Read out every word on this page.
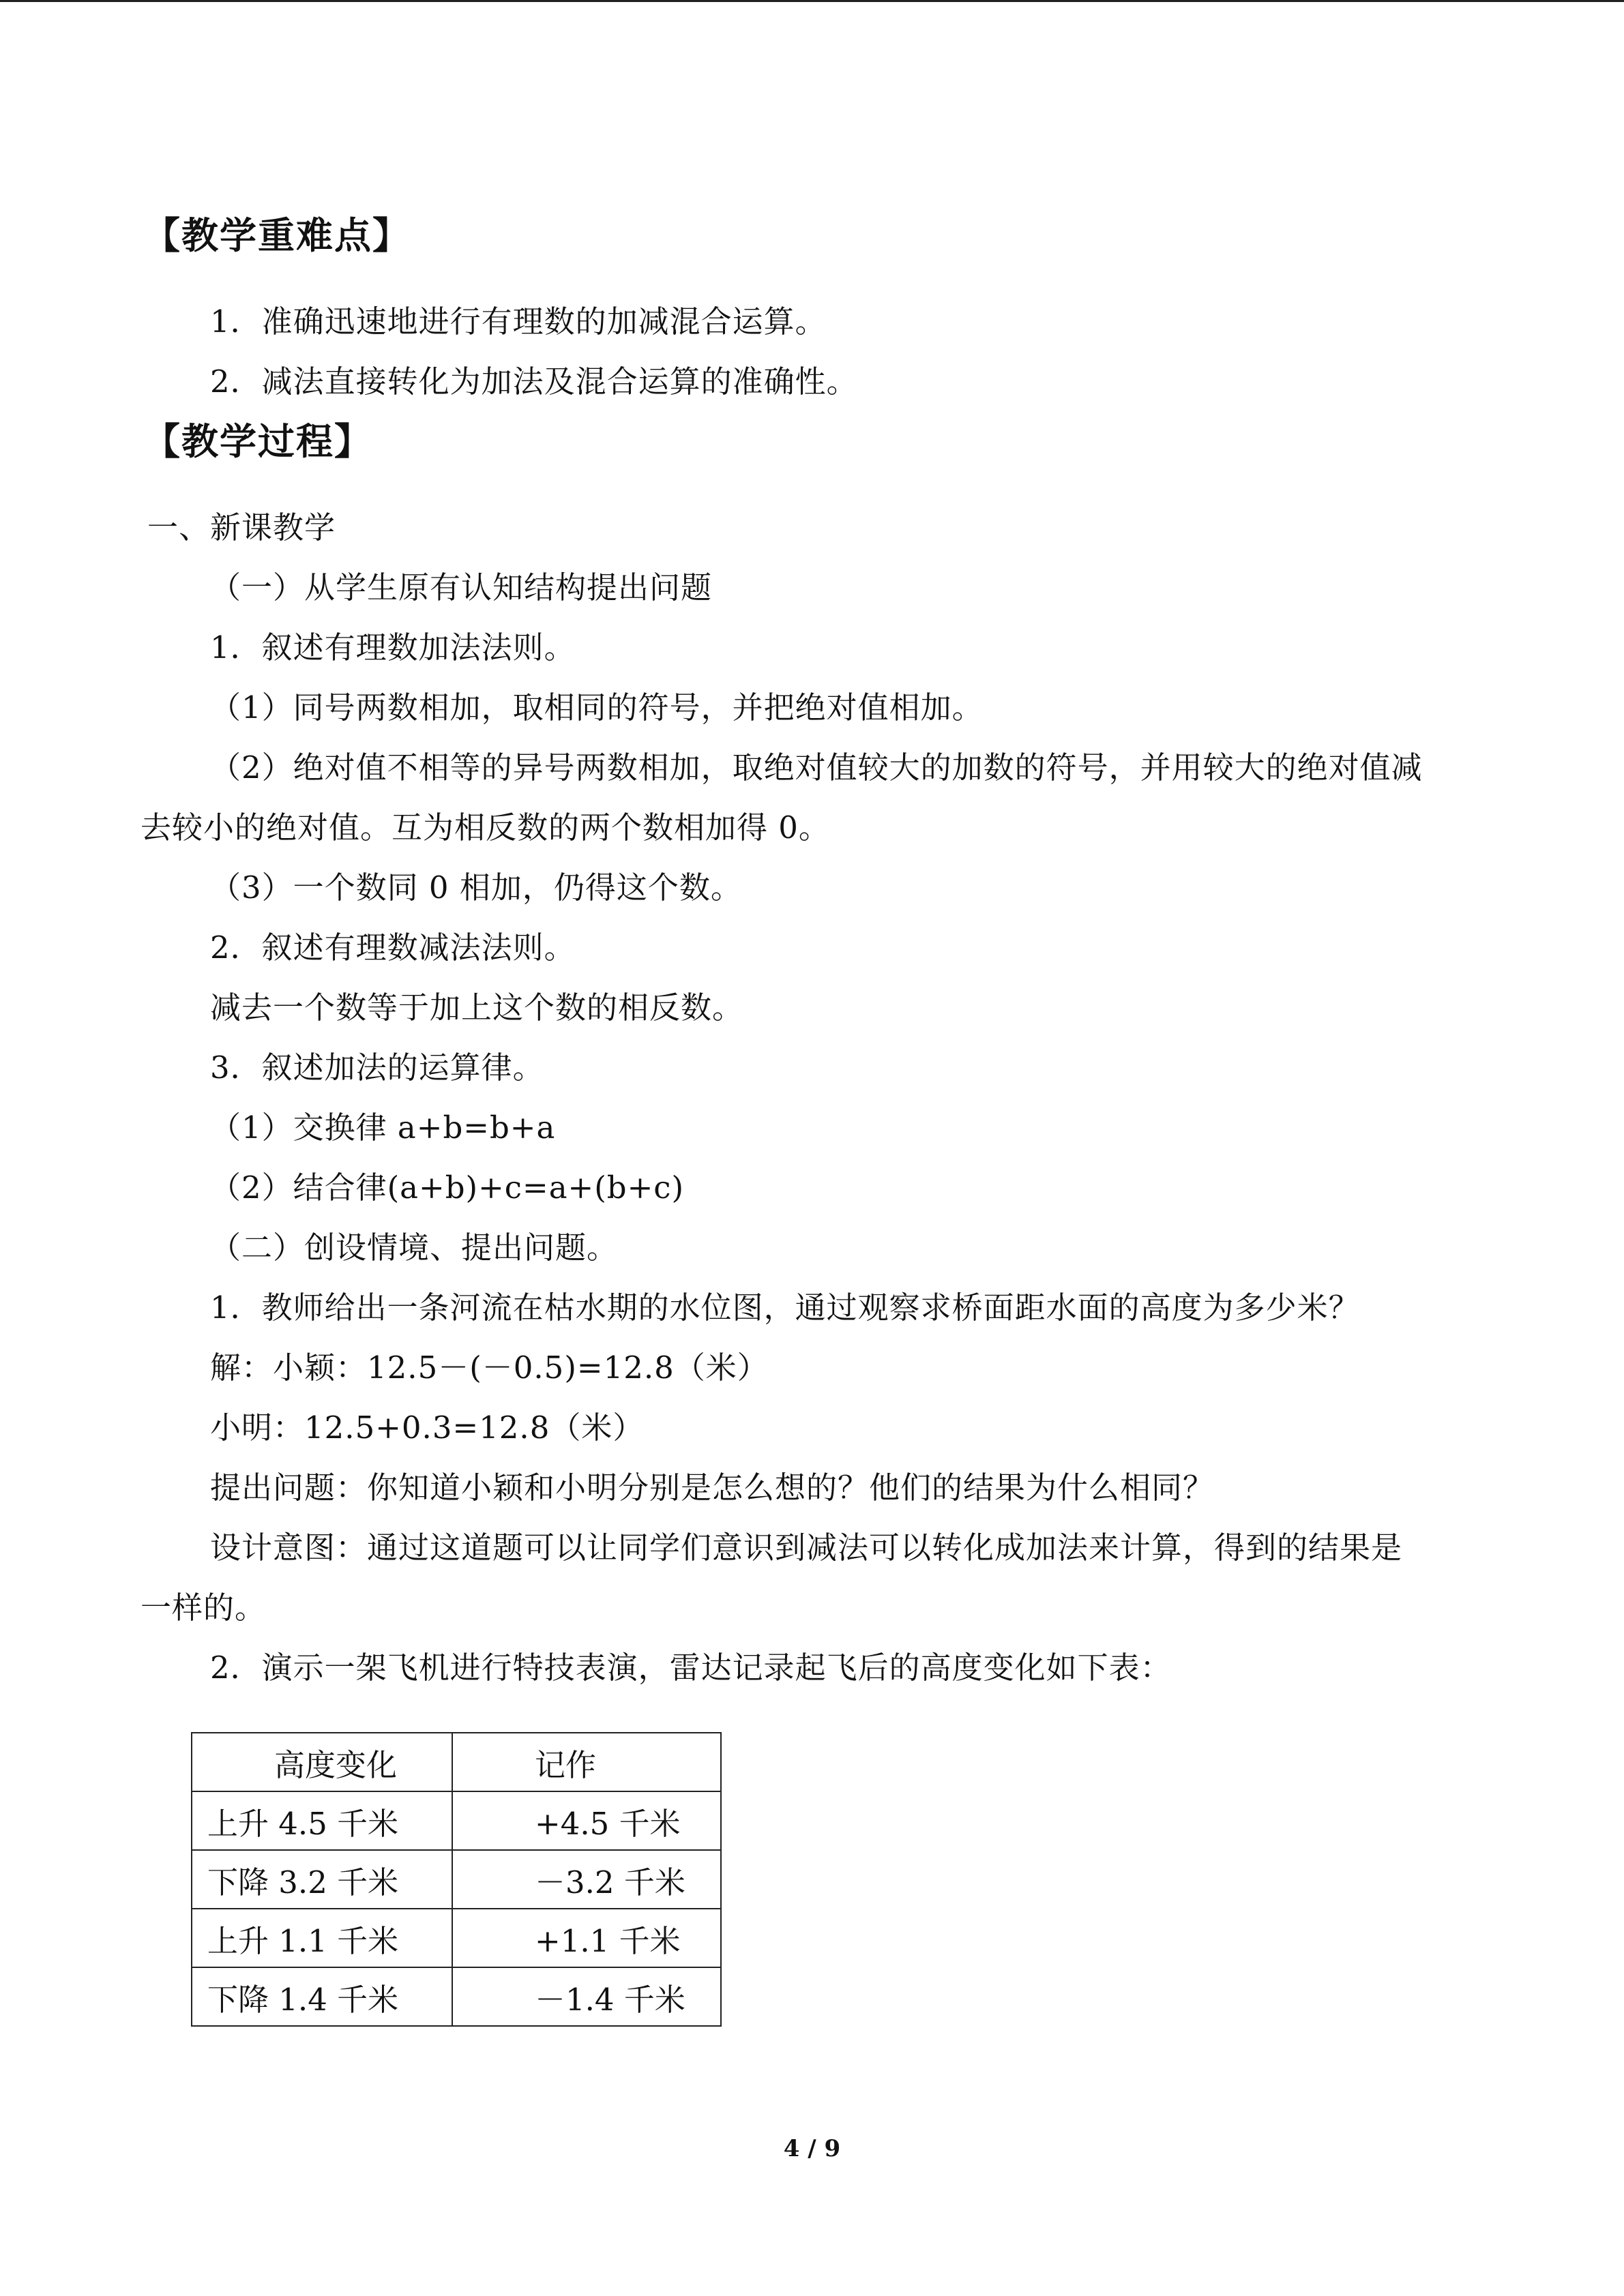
【教学重难点】
1．准确迅速地进行有理数的加减混合运算。
2．减法直接转化为加法及混合运算的准确性。
【教学过程】
一、新课教学
（一）从学生原有认知结构提出问题
1．叙述有理数加法法则。
（1）同号两数相加，取相同的符号，并把绝对值相加。
（2）绝对值不相等的异号两数相加，取绝对值较大的加数的符号，并用较大的绝对值减
去较小的绝对值。互为相反数的两个数相加得 0。
（3）一个数同 0 相加，仍得这个数。
2．叙述有理数减法法则。
减去一个数等于加上这个数的相反数。
3．叙述加法的运算律。
（1）交换律 a+b=b+a
（2）结合律(a+b)+c=a+(b+c)
（二）创设情境、提出问题。
1．教师给出一条河流在枯水期的水位图，通过观察求桥面距水面的高度为多少米？
解：小颖：12.5－(－0.5)=12.8（米）
小明：12.5+0.3=12.8（米）
提出问题：你知道小颖和小明分别是怎么想的？他们的结果为什么相同？
设计意图：通过这道题可以让同学们意识到减法可以转化成加法来计算，得到的结果是
一样的。
2．演示一架飞机进行特技表演，雷达记录起飞后的高度变化如下表：
高度变化	记作
上升 4.5 千米	+4.5 千米
下降 3.2 千米	－3.2 千米
上升 1.1 千米	+1.1 千米
下降 1.4 千米	－1.4 千米
4 / 9
